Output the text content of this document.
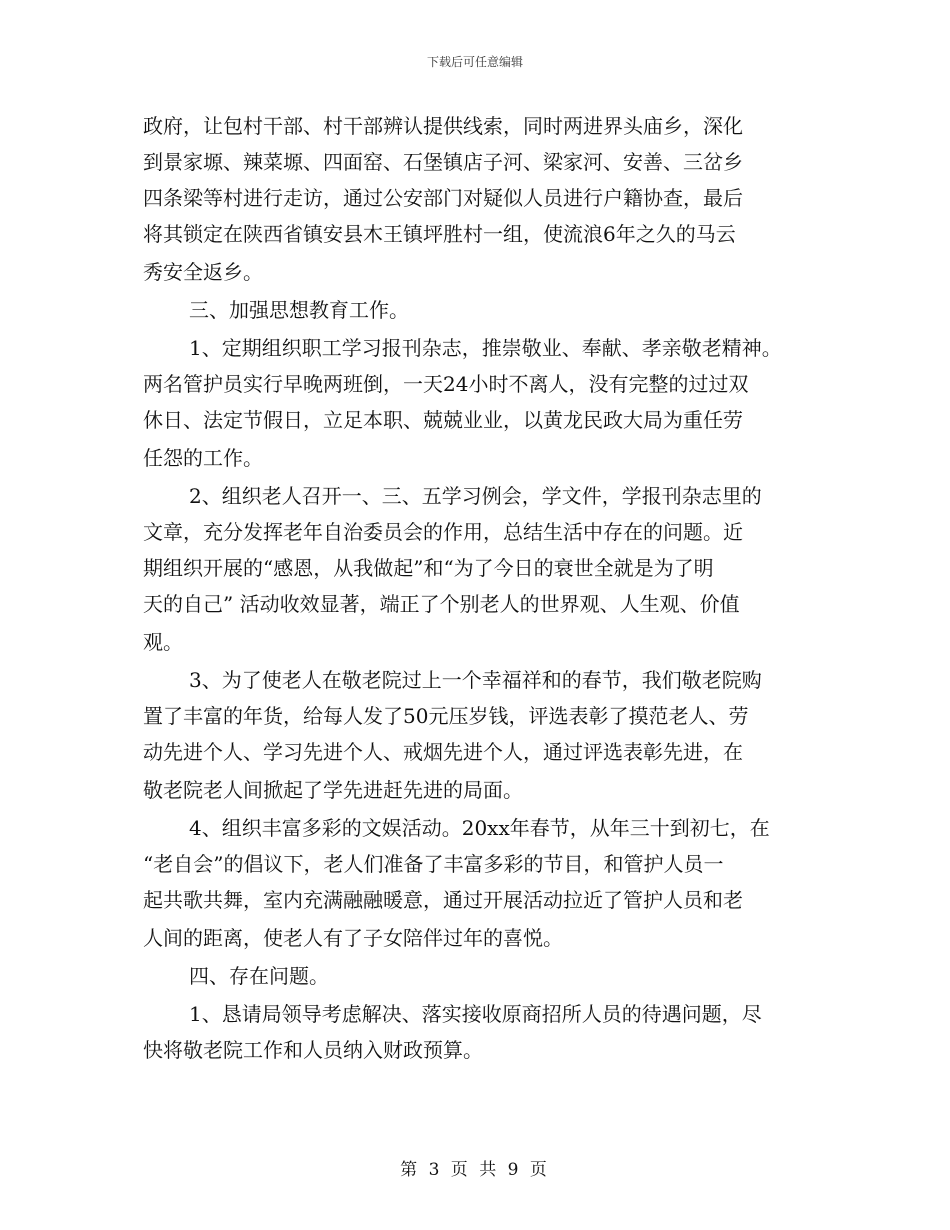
下载后可任意编辑
政府，让包村干部、村干部辨认提供线索，同时两进界头庙乡，深化
到景家塬、辣菜塬、四面窑、石堡镇店子河、梁家河、安善、三岔乡
四条梁等村进行走访，通过公安部门对疑似人员进行户籍协查，最后
将其锁定在陕西省镇安县木王镇坪胜村一组，使流浪6年之久的马云
秀安全返乡。
三、加强思想教育工作。
1、定期组织职工学习报刊杂志，推崇敬业、奉献、孝亲敬老精神。
两名管护员实行早晚两班倒，一天24小时不离人，没有完整的过过双
休日、法定节假日，立足本职、兢兢业业，以黄龙民政大局为重任劳
任怨的工作。
2、组织老人召开一、三、五学习例会，学文件，学报刊杂志里的
文章，充分发挥老年自治委员会的作用，总结生活中存在的问题。近
期组织开展的“感恩，从我做起”和“为了今日的衰世全就是为了明
天的自己” 活动收效显著，端正了个别老人的世界观、人生观、价值
观。
3、为了使老人在敬老院过上一个幸福祥和的春节，我们敬老院购
置了丰富的年货，给每人发了50元压岁钱，评选表彰了摸范老人、劳
动先进个人、学习先进个人、戒烟先进个人，通过评选表彰先进，在
敬老院老人间掀起了学先进赶先进的局面。
4、组织丰富多彩的文娱活动。20xx年春节，从年三十到初七，在
“老自会”的倡议下，老人们准备了丰富多彩的节目，和管护人员一
起共歌共舞，室内充满融融暖意，通过开展活动拉近了管护人员和老
人间的距离，使老人有了子女陪伴过年的喜悦。
四、存在问题。
1、恳请局领导考虑解决、落实接收原商招所人员的待遇问题，尽
快将敬老院工作和人员纳入财政预算。
第 3 页 共 9 页
